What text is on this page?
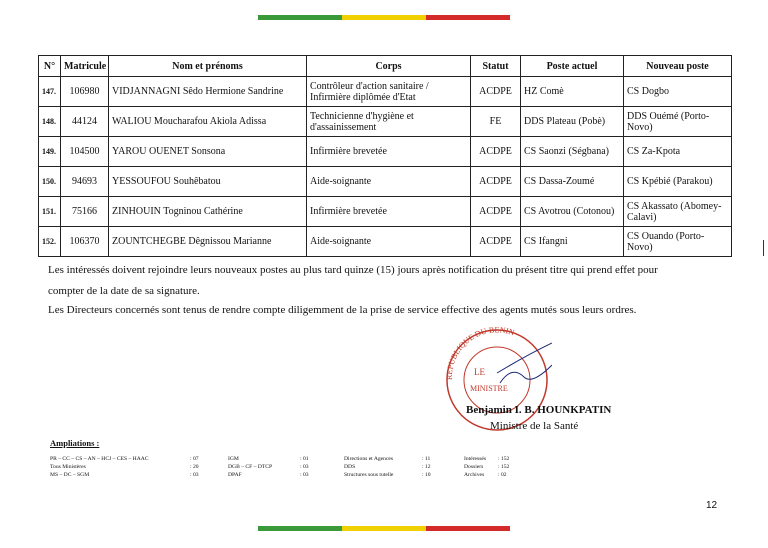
N°	Matricule	Nom et prénoms	Corps	Statut	Poste actuel	Nouveau poste
147.	106980	VIDJANNAGNI Sêdo Hermione Sandrine	Contrôleur d'action sanitaire / Infirmière diplômée d'Etat	ACDPE	HZ Comè	CS Dogbo
148.	44124	WALIOU Moucharafou Akiola Adissa	Technicienne d'hygiène et d'assainissement	FE	DDS Plateau (Pobè)	DDS Ouémé (Porto-Novo)
149.	104500	YAROU OUENET Sonsona	Infirmière brevetée	ACDPE	CS Saonzi (Ségbana)	CS Za-Kpota
150.	94693	YESSOUFOU Souhêbatou	Aide-soignante	ACDPE	CS Dassa-Zoumé	CS Kpébié (Parakou)
151.	75166	ZINHOUIN Togninou Cathérine	Infirmière brevetée	ACDPE	CS Avotrou (Cotonou)	CS Akassato (Abomey-Calavi)
152.	106370	ZOUNTCHEGBE Dêgnissou Marianne	Aide-soignante	ACDPE	CS Ifangni	CS Ouando (Porto-Novo)
Les intéressés doivent rejoindre leurs nouveaux postes au plus tard quinze (15) jours après notification du présent titre qui prend effet pour
compter de la date de sa signature.
Les Directeurs concernés sont tenus de rendre compte diligemment de la prise de service effective des agents mutés sous leurs ordres.
LE
MINISTRE
REPUBLIQUE DU BENIN
Benjamin I. B. HOUNKPATIN
Ministre de la Santé
Ampliations :
PR – CC – CS – AN – HCJ – CES – HAAC	: 07
Tous Ministères	: 20
MS – DC – SGM	: 03
IGM	: 01
DGB – CF – DTCP	: 03
DPAF	: 03
Directions et Agences	: 11
DDS	: 12
Structures sous tutelle	: 10
Intéressés	: 152
Dossiers	: 152
Archives	: 02
12
